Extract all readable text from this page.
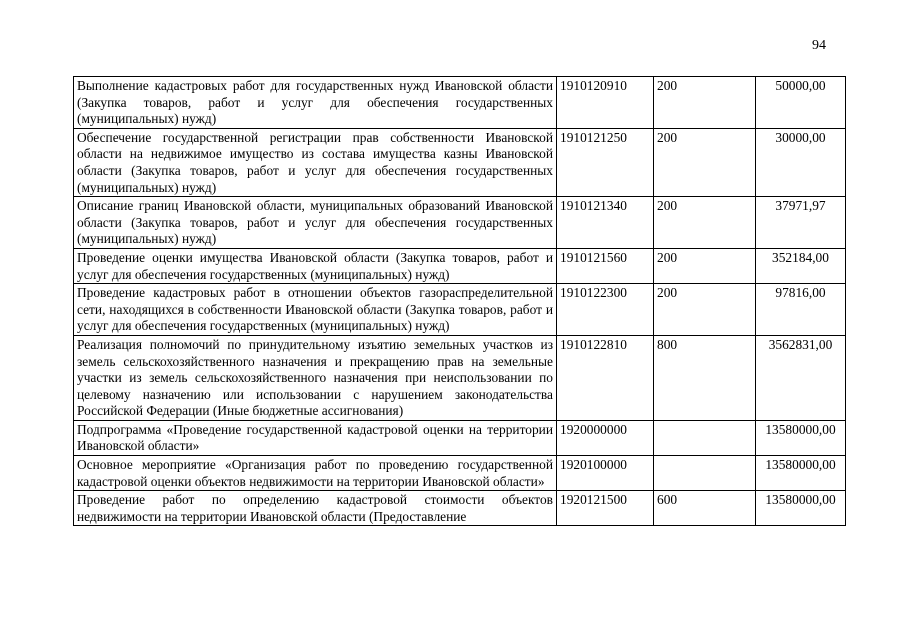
94
Выполнение кадастровых работ для государственных нужд Ивановской области (Закупка товаров, работ и услуг для обеспечения государственных (муниципальных) нужд)	1910120910	200	50000,00
Обеспечение государственной регистрации прав собственности Ивановской области на недвижимое имущество из состава имущества казны Ивановской области (Закупка товаров, работ и услуг для обеспечения государственных (муниципальных) нужд)	1910121250	200	30000,00
Описание границ Ивановской области, муниципальных образований Ивановской области (Закупка товаров, работ и услуг для обеспечения государственных (муниципальных) нужд)	1910121340	200	37971,97
Проведение оценки имущества Ивановской области (Закупка товаров, работ и услуг для обеспечения государственных (муниципальных) нужд)	1910121560	200	352184,00
Проведение кадастровых работ в отношении объектов газораспределительной сети, находящихся в собственности Ивановской области (Закупка товаров, работ и услуг для обеспечения государственных (муниципальных) нужд)	1910122300	200	97816,00
Реализация полномочий по принудительному изъятию земельных участков из земель сельскохозяйственного назначения и прекращению прав на земельные участки из земель сельскохозяйственного назначения при неиспользовании по целевому назначению или использовании с нарушением законодательства Российской Федерации (Иные бюджетные ассигнования)	1910122810	800	3562831,00
Подпрограмма «Проведение государственной кадастровой оценки на территории Ивановской области»	1920000000		13580000,00
Основное мероприятие «Организация работ по проведению государственной кадастровой оценки объектов недвижимости на территории Ивановской области»	1920100000		13580000,00
Проведение работ по определению кадастровой стоимости объектов недвижимости на территории Ивановской области (Предоставление	1920121500	600	13580000,00
